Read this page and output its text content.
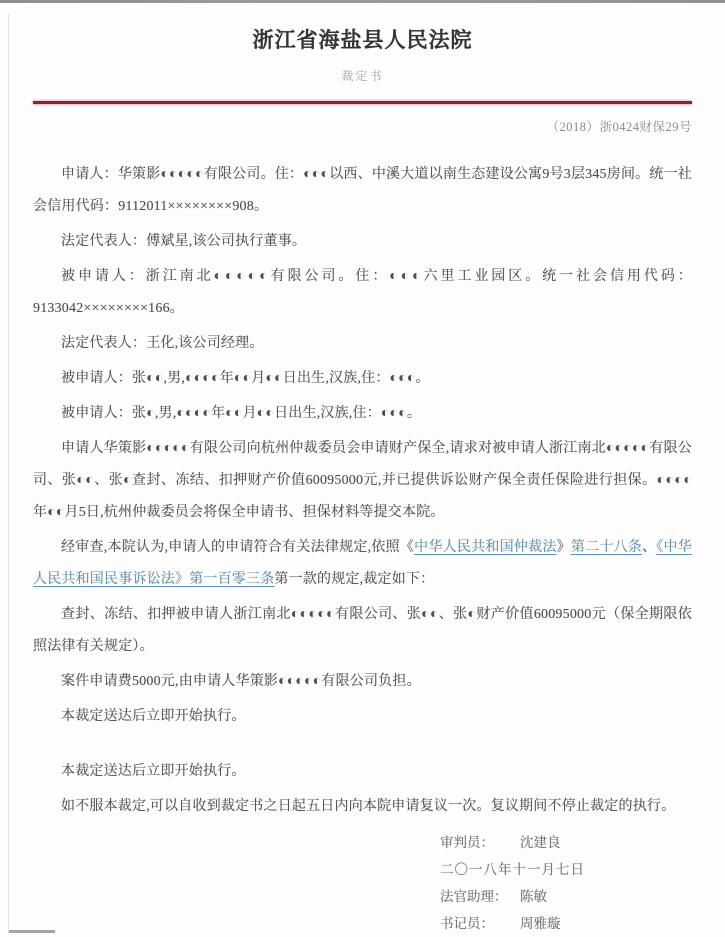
浙江省海盐县人民法院
裁定书
（2018）浙0424财保29号

申请人：华策影◐◐◐◐◐有限公司。住：◐◐◐以西、中溪大道以南生态建设公寓9号3层345房间。统一社会信用代码：9112011××××××××908。

法定代表人：傅斌星,该公司执行董事。

被申请人：浙江南北◐◐◐◐◐有限公司。住：◐◐◐六里工业园区。统一社会信用代码：9133042××××××××166。

法定代表人：王化,该公司经理。

被申请人：张◐◐,男,◐◐◐◐年◐◐月◐◐日出生,汉族,住：◐◐◐。

被申请人：张◐,男,◐◐◐◐年◐◐月◐◐日出生,汉族,住：◐◐◐。

申请人华策影◐◐◐◐◐有限公司向杭州仲裁委员会申请财产保全,请求对被申请人浙江南北◐◐◐◐◐有限公司、张◐◐、张◐查封、冻结、扣押财产价值60095000元,并已提供诉讼财产保全责任保险进行担保。◐◐◐◐年◐◐月5日,杭州仲裁委员会将保全申请书、担保材料等提交本院。

经审查,本院认为,申请人的申请符合有关法律规定,依照《中华人民共和国仲裁法》第二十八条、《中华人民共和国民事诉讼法》第一百零三条第一款的规定,裁定如下：

查封、冻结、扣押被申请人浙江南北◐◐◐◐◐有限公司、张◐◐、张◐财产价值60095000元（保全期限依照法律有关规定）。

案件申请费5000元,由申请人华策影◐◐◐◐◐有限公司负担。

本裁定送达后立即开始执行。

本裁定送达后立即开始执行。

如不服本裁定,可以自收到裁定书之日起五日内向本院申请复议一次。复议期间不停止裁定的执行。

审判员：	沈建良
二〇一八年十一月七日
法官助理： 陈敏
书记员：	周雅璇
